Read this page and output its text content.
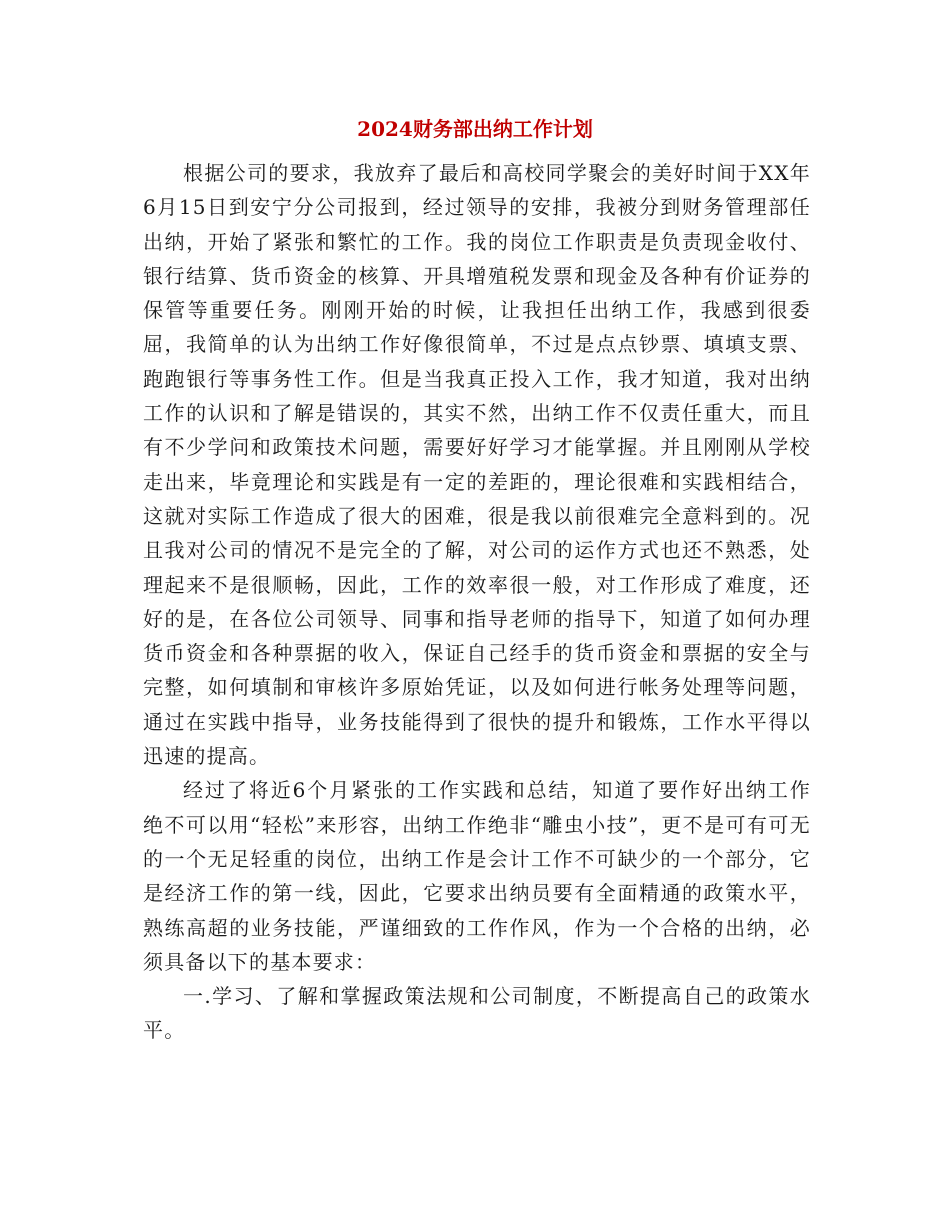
2024财务部出纳工作计划

根据公司的要求，我放弃了最后和高校同学聚会的美好时间于XX年6月15日到安宁分公司报到，经过领导的安排，我被分到财务管理部任出纳，开始了紧张和繁忙的工作。我的岗位工作职责是负责现金收付、银行结算、货币资金的核算、开具增殖税发票和现金及各种有价证券的保管等重要任务。刚刚开始的时候，让我担任出纳工作，我感到很委屈，我简单的认为出纳工作好像很简单，不过是点点钞票、填填支票、跑跑银行等事务性工作。但是当我真正投入工作，我才知道，我对出纳工作的认识和了解是错误的，其实不然，出纳工作不仅责任重大，而且有不少学问和政策技术问题，需要好好学习才能掌握。并且刚刚从学校走出来，毕竟理论和实践是有一定的差距的，理论很难和实践相结合，这就对实际工作造成了很大的困难，很是我以前很难完全意料到的。况且我对公司的情况不是完全的了解，对公司的运作方式也还不熟悉，处理起来不是很顺畅，因此，工作的效率很一般，对工作形成了难度，还好的是，在各位公司领导、同事和指导老师的指导下，知道了如何办理货币资金和各种票据的收入，保证自己经手的货币资金和票据的安全与完整，如何填制和审核许多原始凭证，以及如何进行帐务处理等问题，通过在实践中指导，业务技能得到了很快的提升和锻炼，工作水平得以迅速的提高。

经过了将近6个月紧张的工作实践和总结，知道了要作好出纳工作绝不可以用“轻松”来形容，出纳工作绝非“雕虫小技”，更不是可有可无的一个无足轻重的岗位，出纳工作是会计工作不可缺少的一个部分，它是经济工作的第一线，因此，它要求出纳员要有全面精通的政策水平，熟练高超的业务技能，严谨细致的工作作风，作为一个合格的出纳，必须具备以下的基本要求：

一.学习、了解和掌握政策法规和公司制度，不断提高自己的政策水平。
